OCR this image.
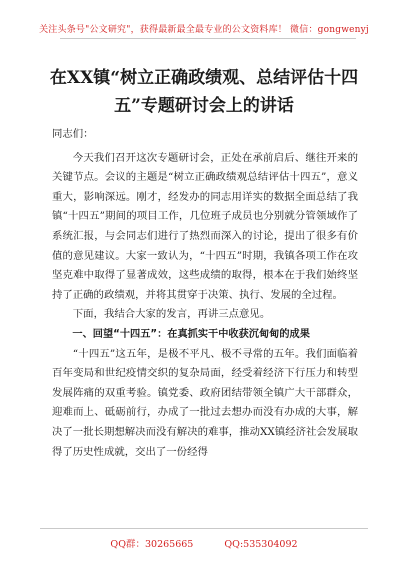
关注头条号"公文研究"，获得最新最全最专业的公文资料库！ 微信：gongwenyj
在XX镇“树立正确政绩观、总结评估十四五”专题研讨会上的讲话

同志们：

今天我们召开这次专题研讨会，正处在承前启后、继往开来的关键节点。会议的主题是“树立正确政绩观总结评估十四五”，意义重大，影响深远。刚才，经发办的同志用详实的数据全面总结了我镇“十四五”期间的项目工作，几位班子成员也分别就分管领域作了系统汇报，与会同志们进行了热烈而深入的讨论，提出了很多有价值的意见建议。大家一致认为，“十四五”时期，我镇各项工作在攻坚克难中取得了显著成效，这些成绩的取得，根本在于我们始终坚持了正确的政绩观，并将其贯穿于决策、执行、发展的全过程。

下面，我结合大家的发言，再讲三点意见。

一、回望“十四五”：在真抓实干中收获沉甸甸的成果

“十四五”这五年，是极不平凡、极不寻常的五年。我们面临着百年变局和世纪疫情交织的复杂局面，经受着经济下行压力和转型发展阵痛的双重考验。镇党委、政府团结带领全镇广大干部群众，迎难而上、砥砺前行，办成了一批过去想办而没有办成的大事，解决了一批长期想解决而没有解决的难事，推动XX镇经济社会发展取得了历史性成就，交出了一份经得

QQ群：30265665	QQ:535304092
